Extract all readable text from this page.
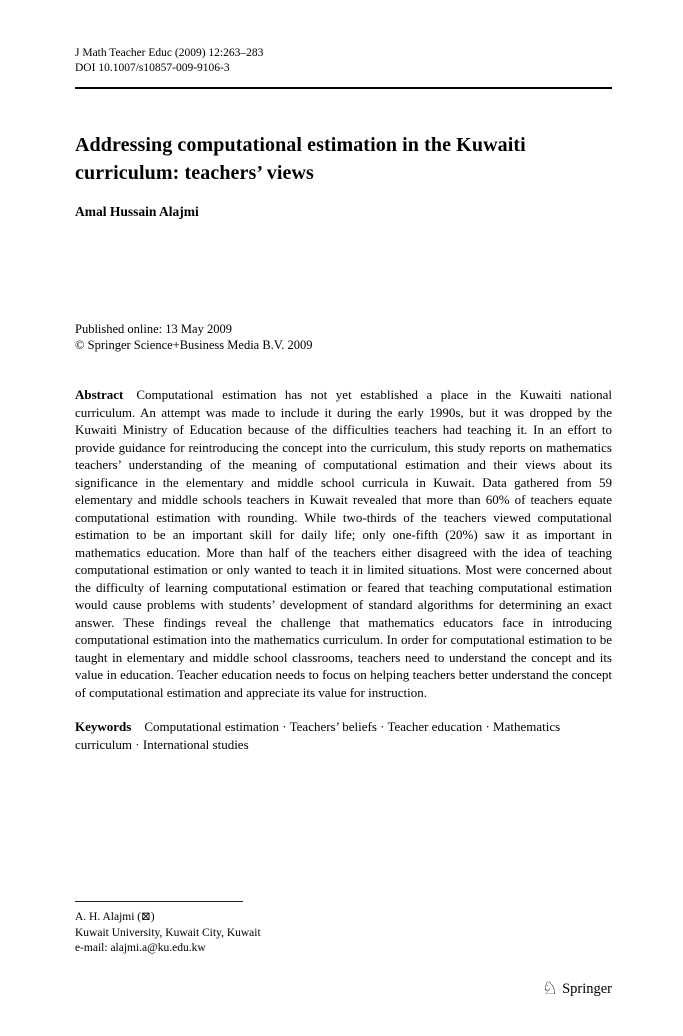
J Math Teacher Educ (2009) 12:263–283
DOI 10.1007/s10857-009-9106-3
Addressing computational estimation in the Kuwaiti curriculum: teachers’ views
Amal Hussain Alajmi
Published online: 13 May 2009
© Springer Science+Business Media B.V. 2009

Abstract Computational estimation has not yet established a place in the Kuwaiti national curriculum. An attempt was made to include it during the early 1990s, but it was dropped by the Kuwaiti Ministry of Education because of the difficulties teachers had teaching it. In an effort to provide guidance for reintroducing the concept into the curriculum, this study reports on mathematics teachers’ understanding of the meaning of computational estimation and their views about its significance in the elementary and middle school curricula in Kuwait. Data gathered from 59 elementary and middle schools teachers in Kuwait revealed that more than 60% of teachers equate computational estimation with rounding. While two-thirds of the teachers viewed computational estimation to be an important skill for daily life; only one-fifth (20%) saw it as important in mathematics education. More than half of the teachers either disagreed with the idea of teaching computational estimation or only wanted to teach it in limited situations. Most were concerned about the difficulty of learning computational estimation or feared that teaching computational estimation would cause problems with students’ development of standard algorithms for determining an exact answer. These findings reveal the challenge that mathematics educators face in introducing computational estimation into the mathematics curriculum. In order for computational estimation to be taught in elementary and middle school classrooms, teachers need to understand the concept and its value in education. Teacher education needs to focus on helping teachers better understand the concept of computational estimation and appreciate its value for instruction.

Keywords Computational estimation · Teachers’ beliefs · Teacher education · Mathematics curriculum · International studies

A. H. Alajmi (⊠)
Kuwait University, Kuwait City, Kuwait
e-mail: alajmi.a@ku.edu.kw
♘ Springer
